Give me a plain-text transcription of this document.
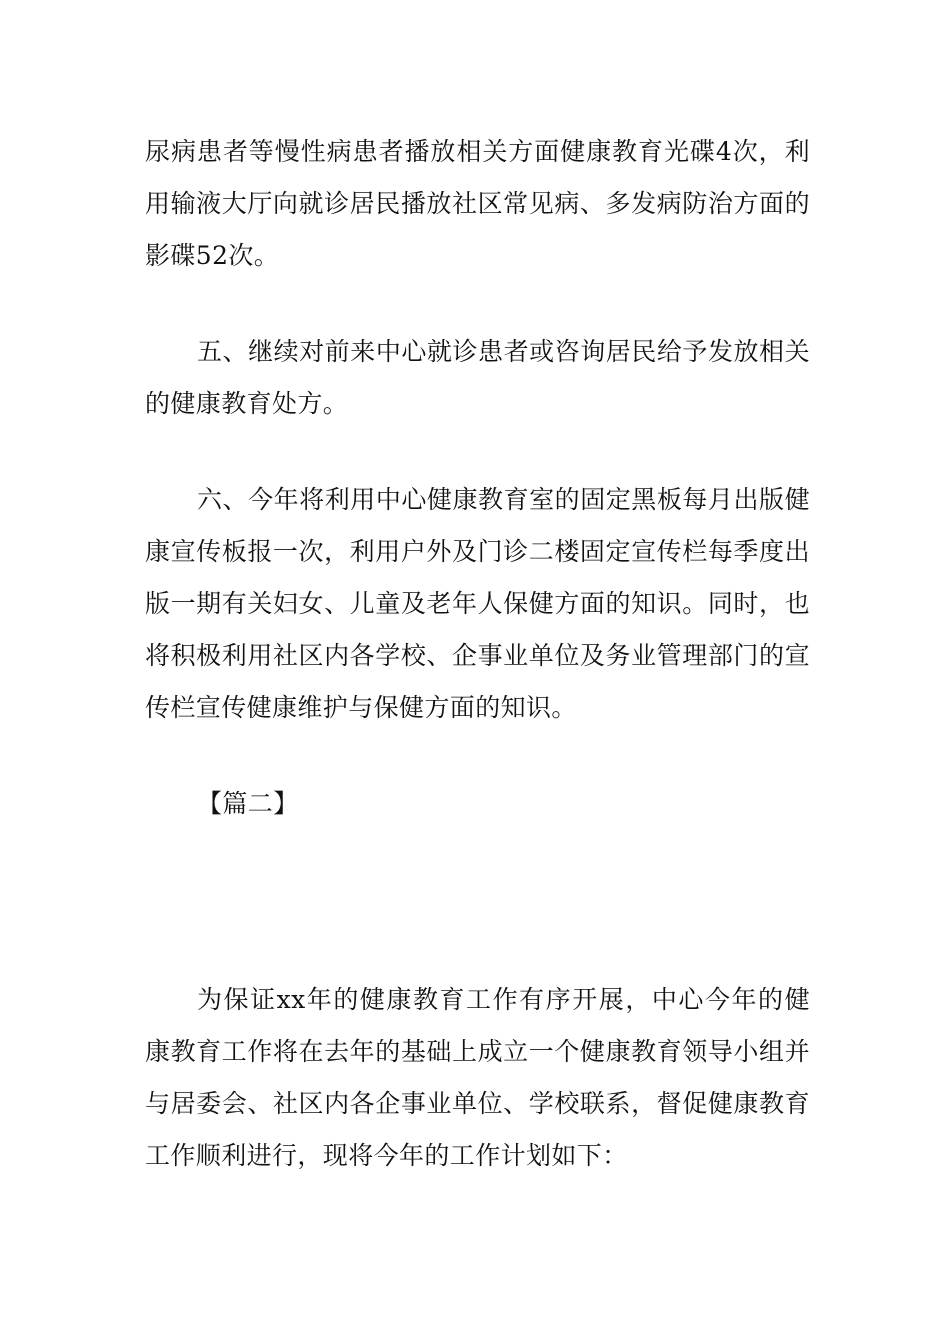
尿病患者等慢性病患者播放相关方面健康教育光碟4次，利用输液大厅向就诊居民播放社区常见病、多发病防治方面的影碟52次。

五、继续对前来中心就诊患者或咨询居民给予发放相关的健康教育处方。

六、今年将利用中心健康教育室的固定黑板每月出版健康宣传板报一次，利用户外及门诊二楼固定宣传栏每季度出版一期有关妇女、儿童及老年人保健方面的知识。同时，也将积极利用社区内各学校、企事业单位及务业管理部门的宣传栏宣传健康维护与保健方面的知识。

【篇二】

为保证xx年的健康教育工作有序开展，中心今年的健康教育工作将在去年的基础上成立一个健康教育领导小组并与居委会、社区内各企事业单位、学校联系，督促健康教育工作顺利进行，现将今年的工作计划如下：
